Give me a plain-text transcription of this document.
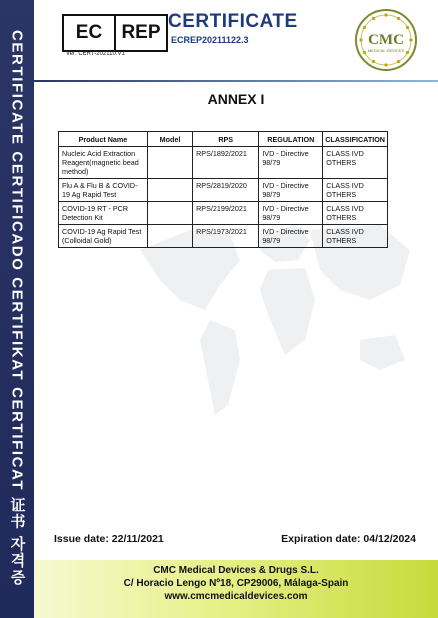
CERTIFICATE CERTIFICADO CERTIFIKAT CERTIFICAT 证书 자격증	EC	REP
Ver: CERT-202110.V1
CERTIFICATE
ECREP20211122.3	CMC
MEDICAL DEVICES
ANNEX I
Product Name	Model	RPS	REGULATION	CLASSIFICATION
Nucleic Acid Extraction Reagent(magnetic bead method)		RPS/1892/2021	IVD - Directive 98/79	CLASS IVD OTHERS
Flu A & Flu B & COVID-19 Ag Rapid Test		RPS/2819/2020	IVD - Directive 98/79	CLASS IVD OTHERS
COVID-19 RT - PCR Detection Kit		RPS/2199/2021	IVD - Directive 98/79	CLASS IVD OTHERS
COVID-19 Ag Rapid Test (Colloidal Gold)		RPS/1973/2021	IVD - Directive 98/79	CLASS IVD OTHERS
Issue date: 22/11/2021	Expiration date: 04/12/2024
CMC Medical Devices & Drugs S.L.
C/ Horacio Lengo Nº18, CP29006, Málaga-Spain
www.cmcmedicaldevices.com
